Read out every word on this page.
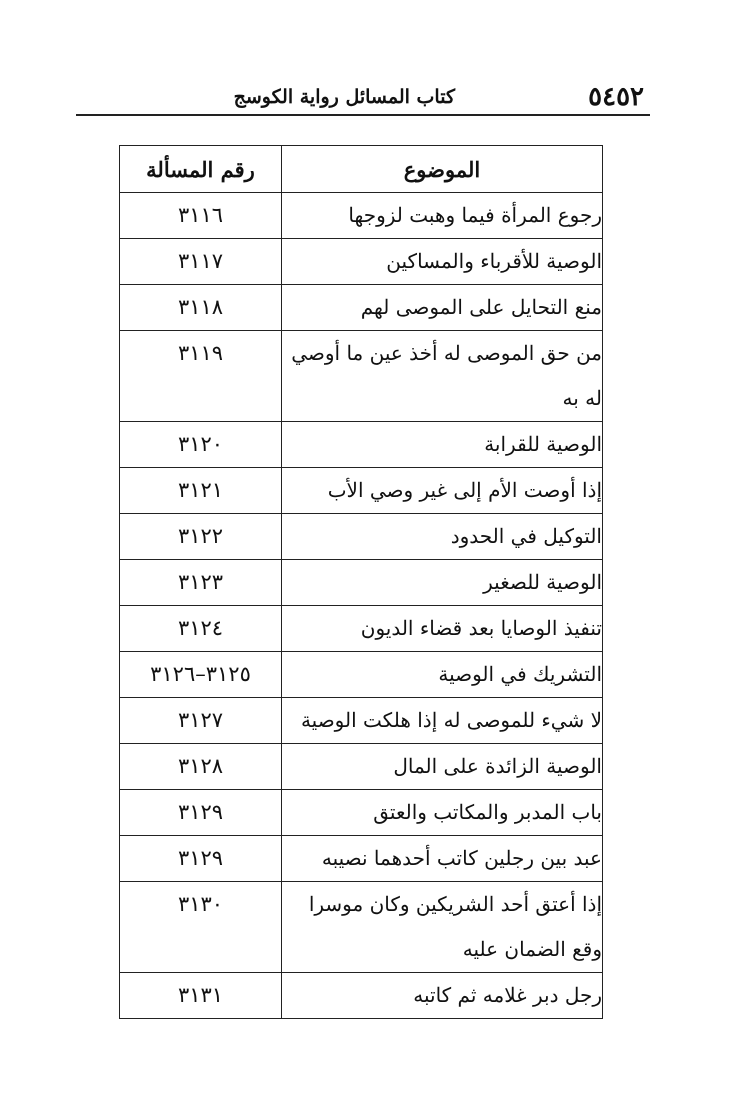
٥٤٥٢
كتاب المسائل رواية الكوسج
الموضوع	رقم المسألة
رجوع المرأة فيما وهبت لزوجها	٣١١٦
الوصية للأقرباء والمساكين	٣١١٧
منع التحايل على الموصى لهم	٣١١٨
من حق الموصى له أخذ عين ما أوصي له به	٣١١٩
الوصية للقرابة	٣١٢٠
إذا أوصت الأم إلى غير وصي الأب	٣١٢١
التوكيل في الحدود	٣١٢٢
الوصية للصغير	٣١٢٣
تنفيذ الوصايا بعد قضاء الديون	٣١٢٤
التشريك في الوصية	٣١٢٥–٣١٢٦
لا شيء للموصى له إذا هلكت الوصية	٣١٢٧
الوصية الزائدة على المال	٣١٢٨
باب المدبر والمكاتب والعتق	٣١٢٩
عبد بين رجلين كاتب أحدهما نصيبه	٣١٢٩
إذا أعتق أحد الشريكين وكان موسرا وقع الضمان عليه	٣١٣٠
رجل دبر غلامه ثم كاتبه	٣١٣١
